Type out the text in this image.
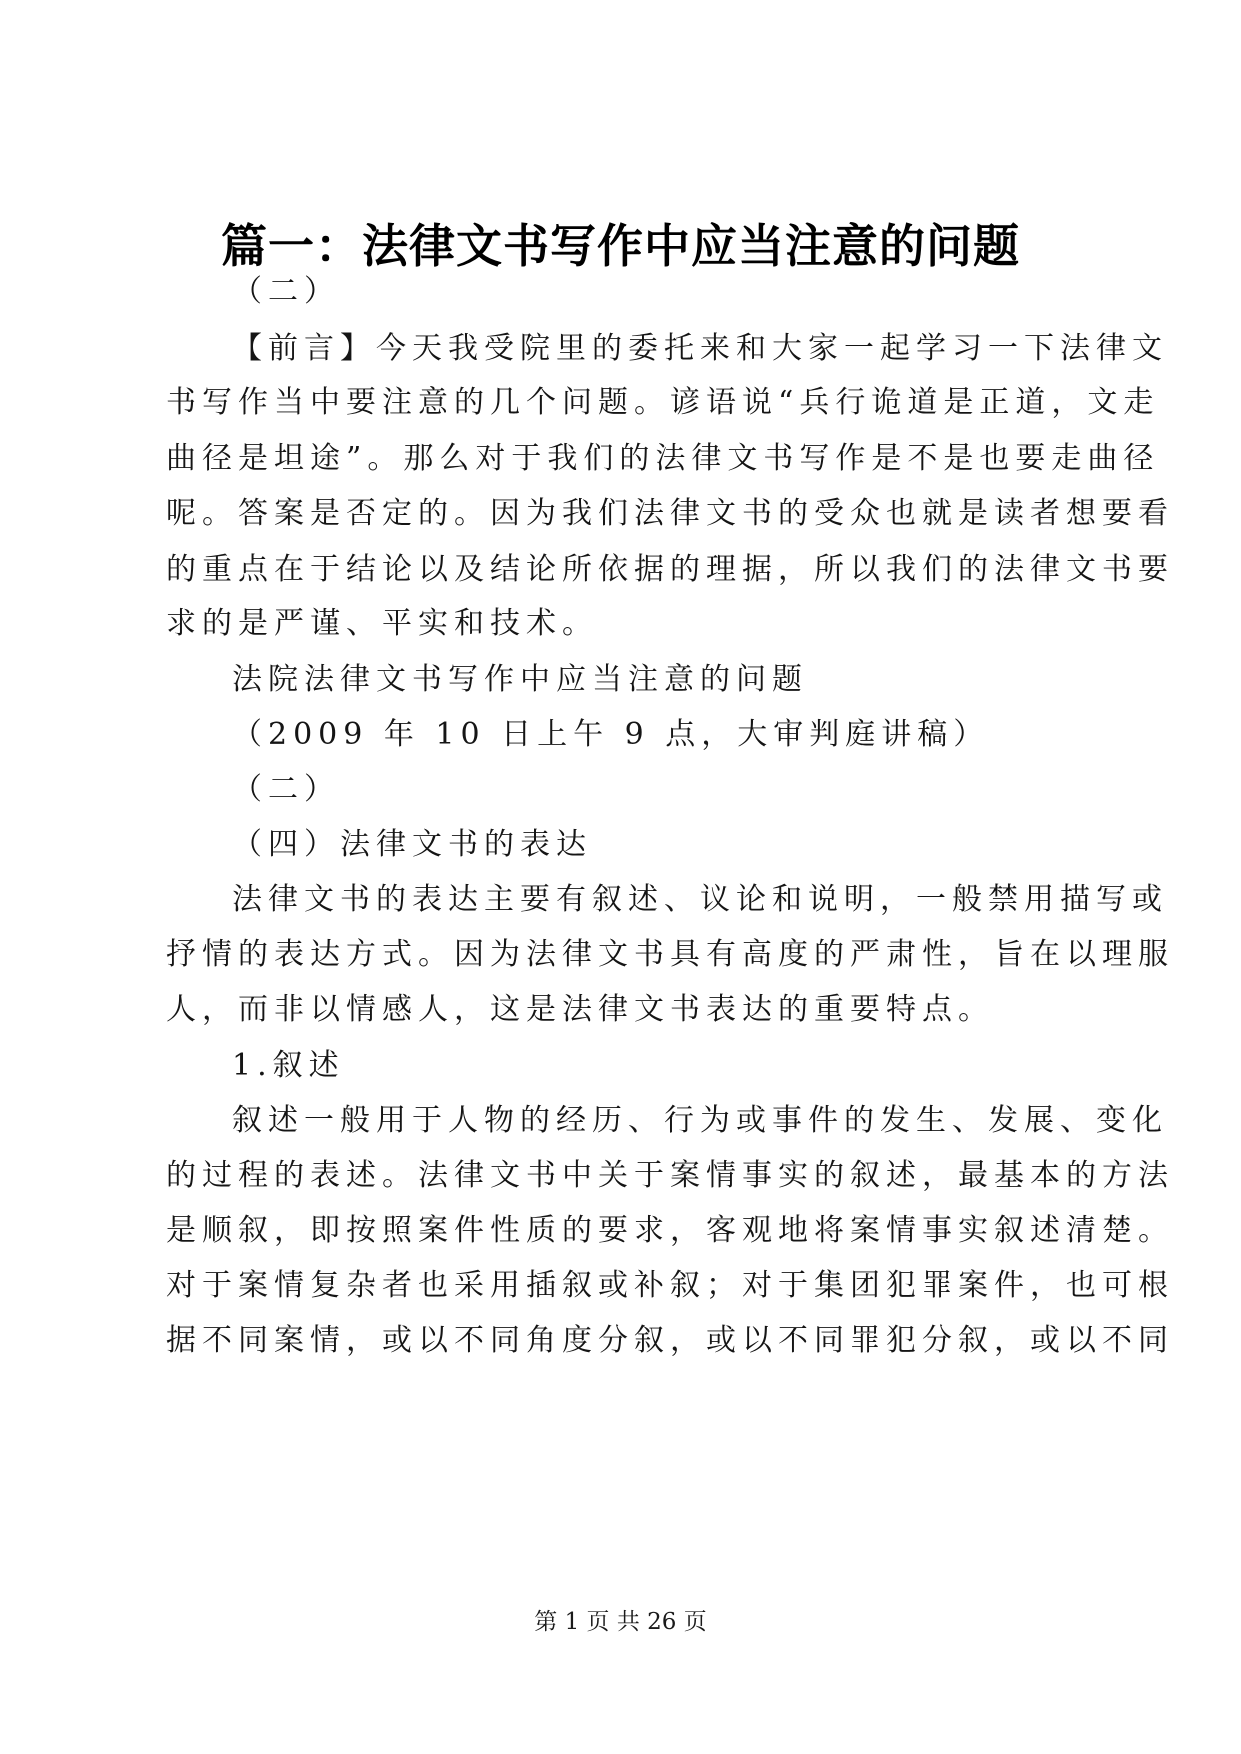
篇一：法律文书写作中应当注意的问题
（二）
【前言】今天我受院里的委托来和大家一起学习一下法律文
书写作当中要注意的几个问题。谚语说“兵行诡道是正道，文走
曲径是坦途”。那么对于我们的法律文书写作是不是也要走曲径
呢。答案是否定的。因为我们法律文书的受众也就是读者想要看
的重点在于结论以及结论所依据的理据，所以我们的法律文书要
求的是严谨、平实和技术。
法院法律文书写作中应当注意的问题
（2009 年 10 日上午 9 点，大审判庭讲稿）
（二）
（四）法律文书的表达
法律文书的表达主要有叙述、议论和说明，一般禁用描写或
抒情的表达方式。因为法律文书具有高度的严肃性，旨在以理服
人，而非以情感人，这是法律文书表达的重要特点。
1.叙述
叙述一般用于人物的经历、行为或事件的发生、发展、变化
的过程的表述。法律文书中关于案情事实的叙述，最基本的方法
是顺叙，即按照案件性质的要求，客观地将案情事实叙述清楚。
对于案情复杂者也采用插叙或补叙；对于集团犯罪案件，也可根
据不同案情，或以不同角度分叙，或以不同罪犯分叙，或以不同
第 1 页 共 26 页
